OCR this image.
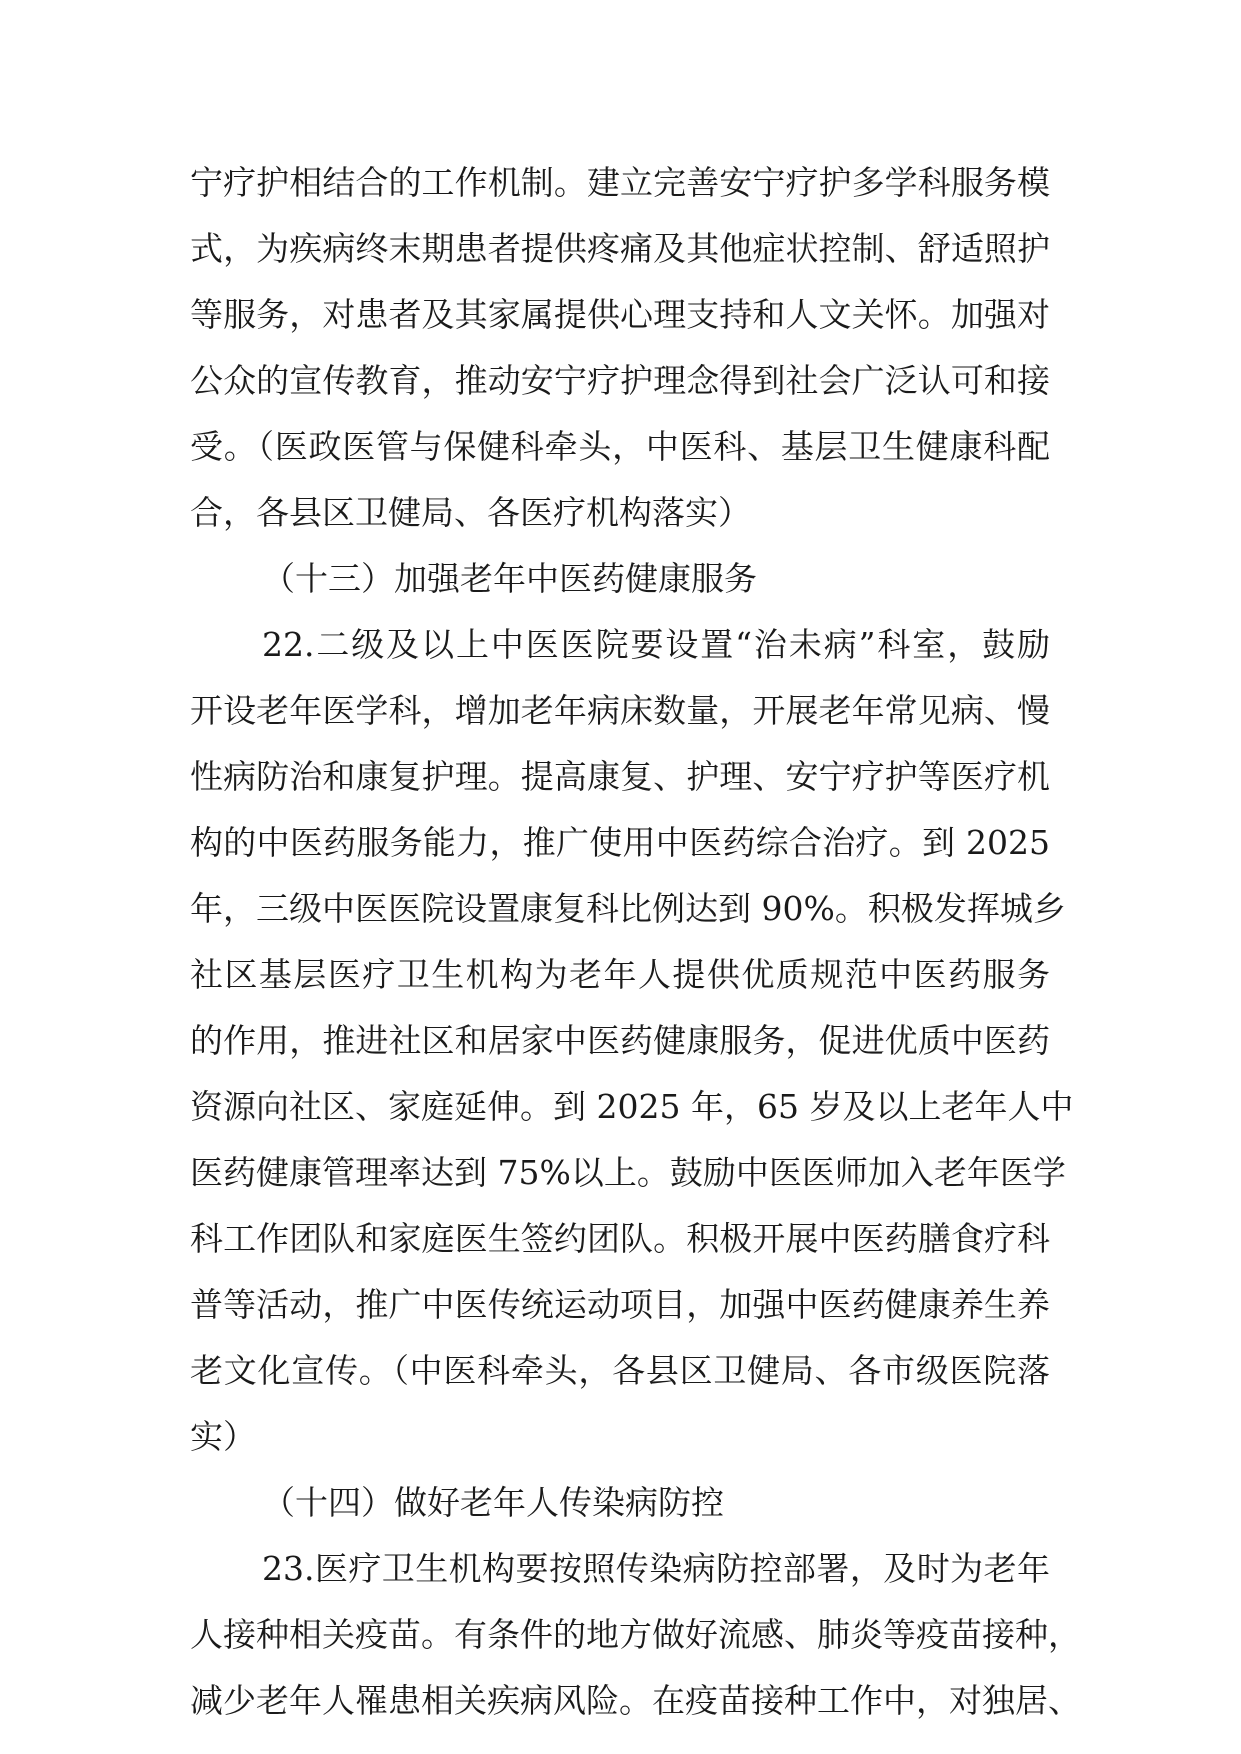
宁疗护相结合的工作机制。建立完善安宁疗护多学科服务模
式，为疾病终末期患者提供疼痛及其他症状控制、舒适照护
等服务，对患者及其家属提供心理支持和人文关怀。加强对
公众的宣传教育，推动安宁疗护理念得到社会广泛认可和接
受。（医政医管与保健科牵头，中医科、基层卫生健康科配
合，各县区卫健局、各医疗机构落实）
（十三）加强老年中医药健康服务
22.二级及以上中医医院要设置“治未病”科室，鼓励
开设老年医学科，增加老年病床数量，开展老年常见病、慢
性病防治和康复护理。提高康复、护理、安宁疗护等医疗机
构的中医药服务能力，推广使用中医药综合治疗。到 2025
年，三级中医医院设置康复科比例达到 90%。积极发挥城乡
社区基层医疗卫生机构为老年人提供优质规范中医药服务
的作用，推进社区和居家中医药健康服务，促进优质中医药
资源向社区、家庭延伸。到 2025 年，65 岁及以上老年人中
医药健康管理率达到 75%以上。鼓励中医医师加入老年医学
科工作团队和家庭医生签约团队。积极开展中医药膳食疗科
普等活动，推广中医传统运动项目，加强中医药健康养生养
老文化宣传。（中医科牵头，各县区卫健局、各市级医院落
实）
（十四）做好老年人传染病防控
23.医疗卫生机构要按照传染病防控部署，及时为老年
人接种相关疫苗。有条件的地方做好流感、肺炎等疫苗接种，
减少老年人罹患相关疾病风险。在疫苗接种工作中，对独居、
